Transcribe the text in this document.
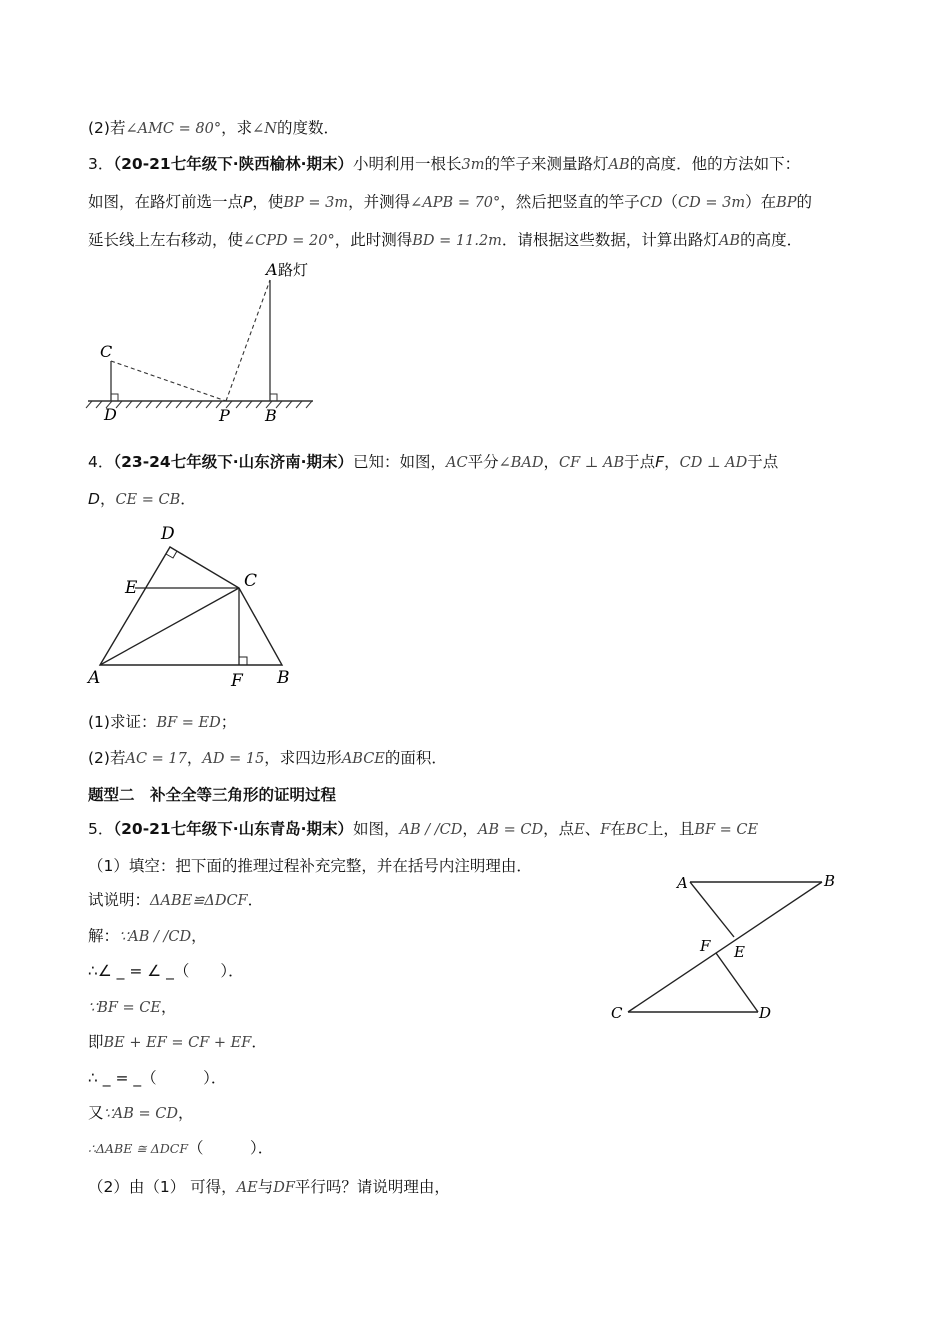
(2)若∠AMC = 80°，求∠N的度数．
3．（20-21七年级下·陕西榆林·期末）小明利用一根长3m的竿子来测量路灯AB的高度．他的方法如下：
如图，在路灯前选一点P，使BP = 3m，并测得∠APB = 70°，然后把竖直的竿子CD（CD = 3m）在BP的
延长线上左右移动，使∠CPD = 20°，此时测得BD = 11.2m．请根据这些数据，计算出路灯AB的高度．
A 路灯
C
D	P B
4．（23-24七年级下·山东济南·期末）已知：如图，AC平分∠BAD，CF ⊥ AB于点F，CD ⊥ AD于点
D，CE = CB．
D
E	C
A	F B
(1)求证：BF = ED；
(2)若AC = 17，AD = 15，求四边形ABCE的面积．
题型二　补全全等三角形的证明过程
5．（20-21七年级下·山东青岛·期末）如图，AB / /CD，AB = CD，点E、F在BC上，且BF = CE
（1）填空：把下面的推理过程补充完整，并在括号内注明理由．
试说明：ΔABE≌ΔDCF．
解：∵AB / /CD，
∴∠ _ = ∠ _（　　）．
∵BF = CE，
即BE + EF = CF + EF．
∴ _ = _（　　　）．
又∵AB = CD，
∴ΔABE ≅ ΔDCF（　　　）．
（2）由（1） 可得，AE与DF平行吗？请说明理由，
A	B
F E
C	D
